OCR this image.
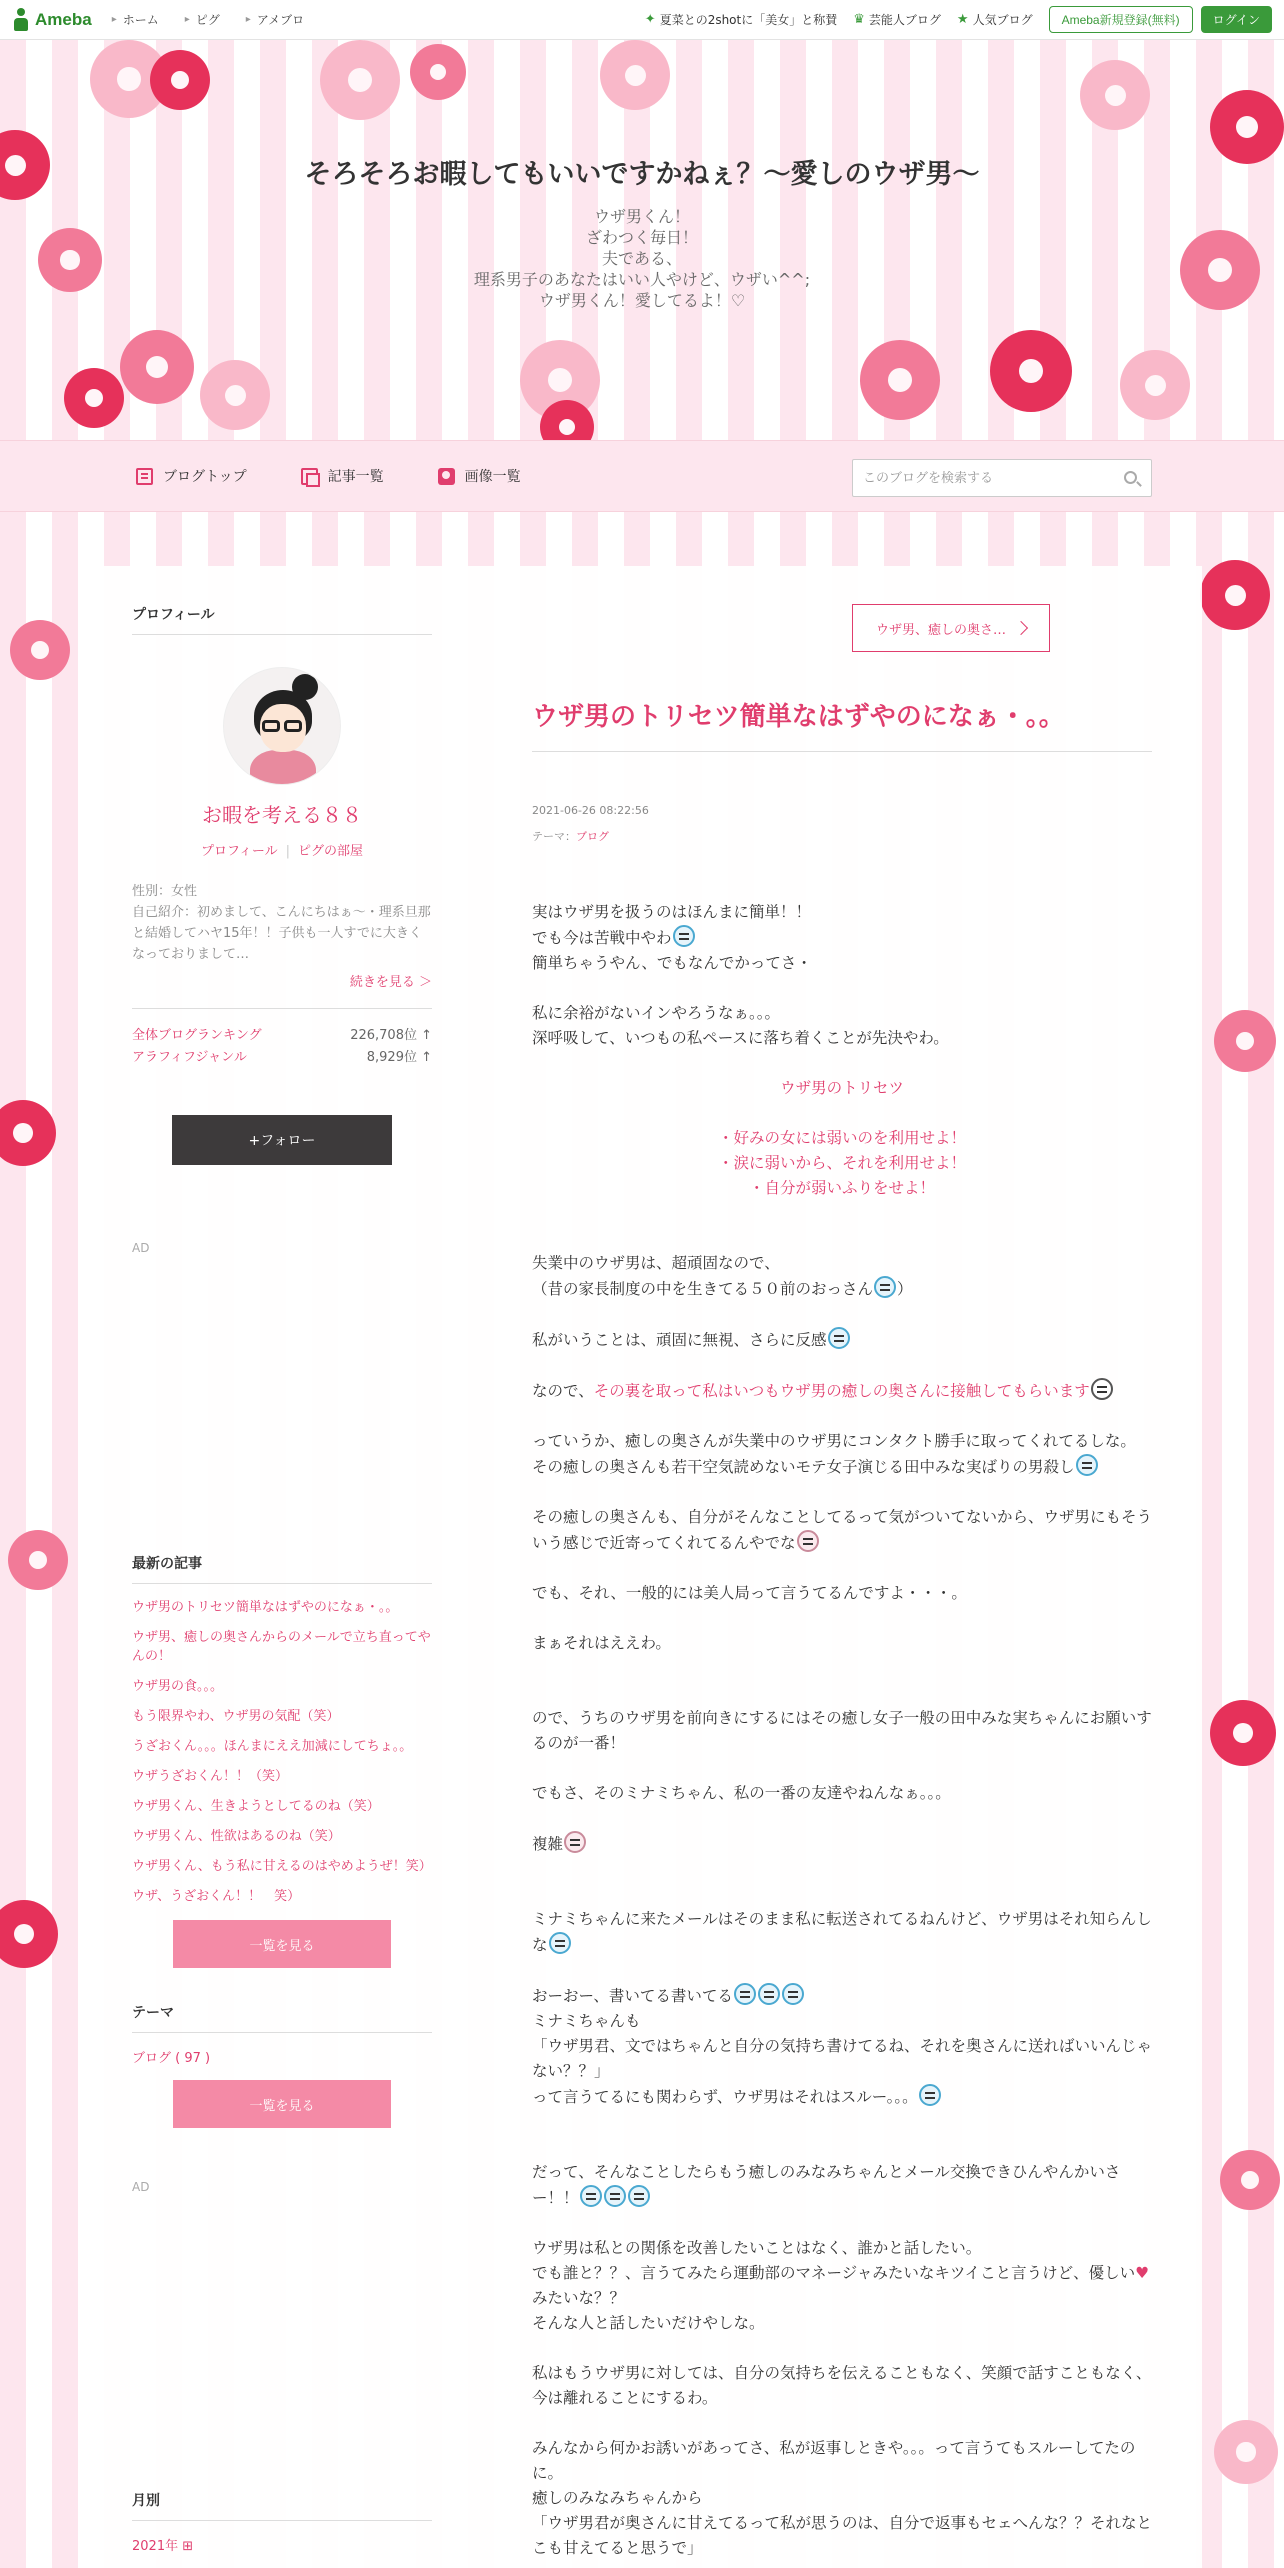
Ameba	▸ ホーム	▸ ピグ	▸ アメブロ	✦ 夏菜との2shotに「美女」と称賛 ♛ 芸能人ブログ ★ 人気ブログ	Ameba新規登録(無料)	ログイン
そろそろお暇してもいいですかねぇ？〜愛しのウザ男〜
ウザ男くん！
ざわつく毎日！
夫である、
理系男子のあなたはいい人やけど、ウザい^^;
ウザ男くん！愛してるよ！♡
ブログトップ	記事一覧	画像一覧
このブログを検索する
プロフィール
お暇を考える８８
プロフィール | ピグの部屋
性別：女性
自己紹介：初めまして、こんにちはぁ〜・理系旦那と結婚してハヤ15年！！子供も一人すでに大きくなっておりまして…
続きを見る ＞
全体ブログランキング	226,708位 ↑
アラフィフジャンル	8,929位 ↑
+フォロー
AD
最新の記事
ウザ男のトリセツ簡単なはずやのになぁ・。。
ウザ男、癒しの奥さんからのメールで立ち直ってやんの！
ウザ男の食。。。
もう限界やわ、ウザ男の気配（笑）
うざおくん。。。ほんまにええ加減にしてちょ。。
ウザうざおくん！！（笑）
ウザ男くん、生きようとしてるのね（笑）
ウザ男くん、性欲はあるのね（笑）
ウザ男くん、もう私に甘えるのはやめようぜ！笑）
ウザ、うざおくん！！　笑）
一覧を見る
テーマ
ブログ ( 97 )
一覧を見る
AD
月別
2021年 ⊞
ウザ男、癒しの奥さ…
ウザ男のトリセツ簡単なはずやのになぁ・。。
2021-06-26 08:22:56
テーマ：ブログ

実はウザ男を扱うのはほんまに簡単！！

でも今は苦戦中やわ

簡単ちゃうやん、でもなんでかってさ・

私に余裕がないインやろうなぁ。。。

深呼吸して、いつもの私ペースに落ち着くことが先決やわ。

ウザ男のトリセツ

・好みの女には弱いのを利用せよ！

・涙に弱いから、それを利用せよ！

・自分が弱いふりをせよ！

失業中のウザ男は、超頑固なので、

（昔の家長制度の中を生きてる５０前のおっさん ）

私がいうことは、頑固に無視、さらに反感

なので、その裏を取って私はいつもウザ男の癒しの奥さんに接触してもらいます

っていうか、癒しの奥さんが失業中のウザ男にコンタクト勝手に取ってくれてるしな。

その癒しの奥さんも若干空気読めないモテ女子演じる田中みな実ばりの男殺し

その癒しの奥さんも、自分がそんなことしてるって気がついてないから、ウザ男にもそういう感じで近寄ってくれてるんやでな

でも、それ、一般的には美人局って言うてるんですよ・・・。

まぁそれはええわ。

ので、うちのウザ男を前向きにするにはその癒し女子一般の田中みな実ちゃんにお願いするのが一番！

でもさ、そのミナミちゃん、私の一番の友達やねんなぁ。。。

複雑

ミナミちゃんに来たメールはそのまま私に転送されてるねんけど、ウザ男はそれ知らんしな

おーおー、書いてる書いてる

ミナミちゃんも

「ウザ男君、文ではちゃんと自分の気持ち書けてるね、それを奥さんに送ればいいんじゃない？？」

って言うてるにも関わらず、ウザ男はそれはスルー。。。

だって、そんなことしたらもう癒しのみなみちゃんとメール交換できひんやんかいさー！！

ウザ男は私との関係を改善したいことはなく、誰かと話したい。

でも誰と？？、言うてみたら運動部のマネージャみたいなキツイこと言うけど、優しい♥みたいな？？

そんな人と話したいだけやしな。

私はもうウザ男に対しては、自分の気持ちを伝えることもなく、笑顔で話すこともなく、今は離れることにするわ。

みんなから何かお誘いがあってさ、私が返事しときや。。。って言うてもスルーしてたのに。

癒しのみなみちゃんから

「ウザ男君が奥さんに甘えてるって私が思うのは、自分で返事もセェへんな？？それなとこも甘えてると思うで」
